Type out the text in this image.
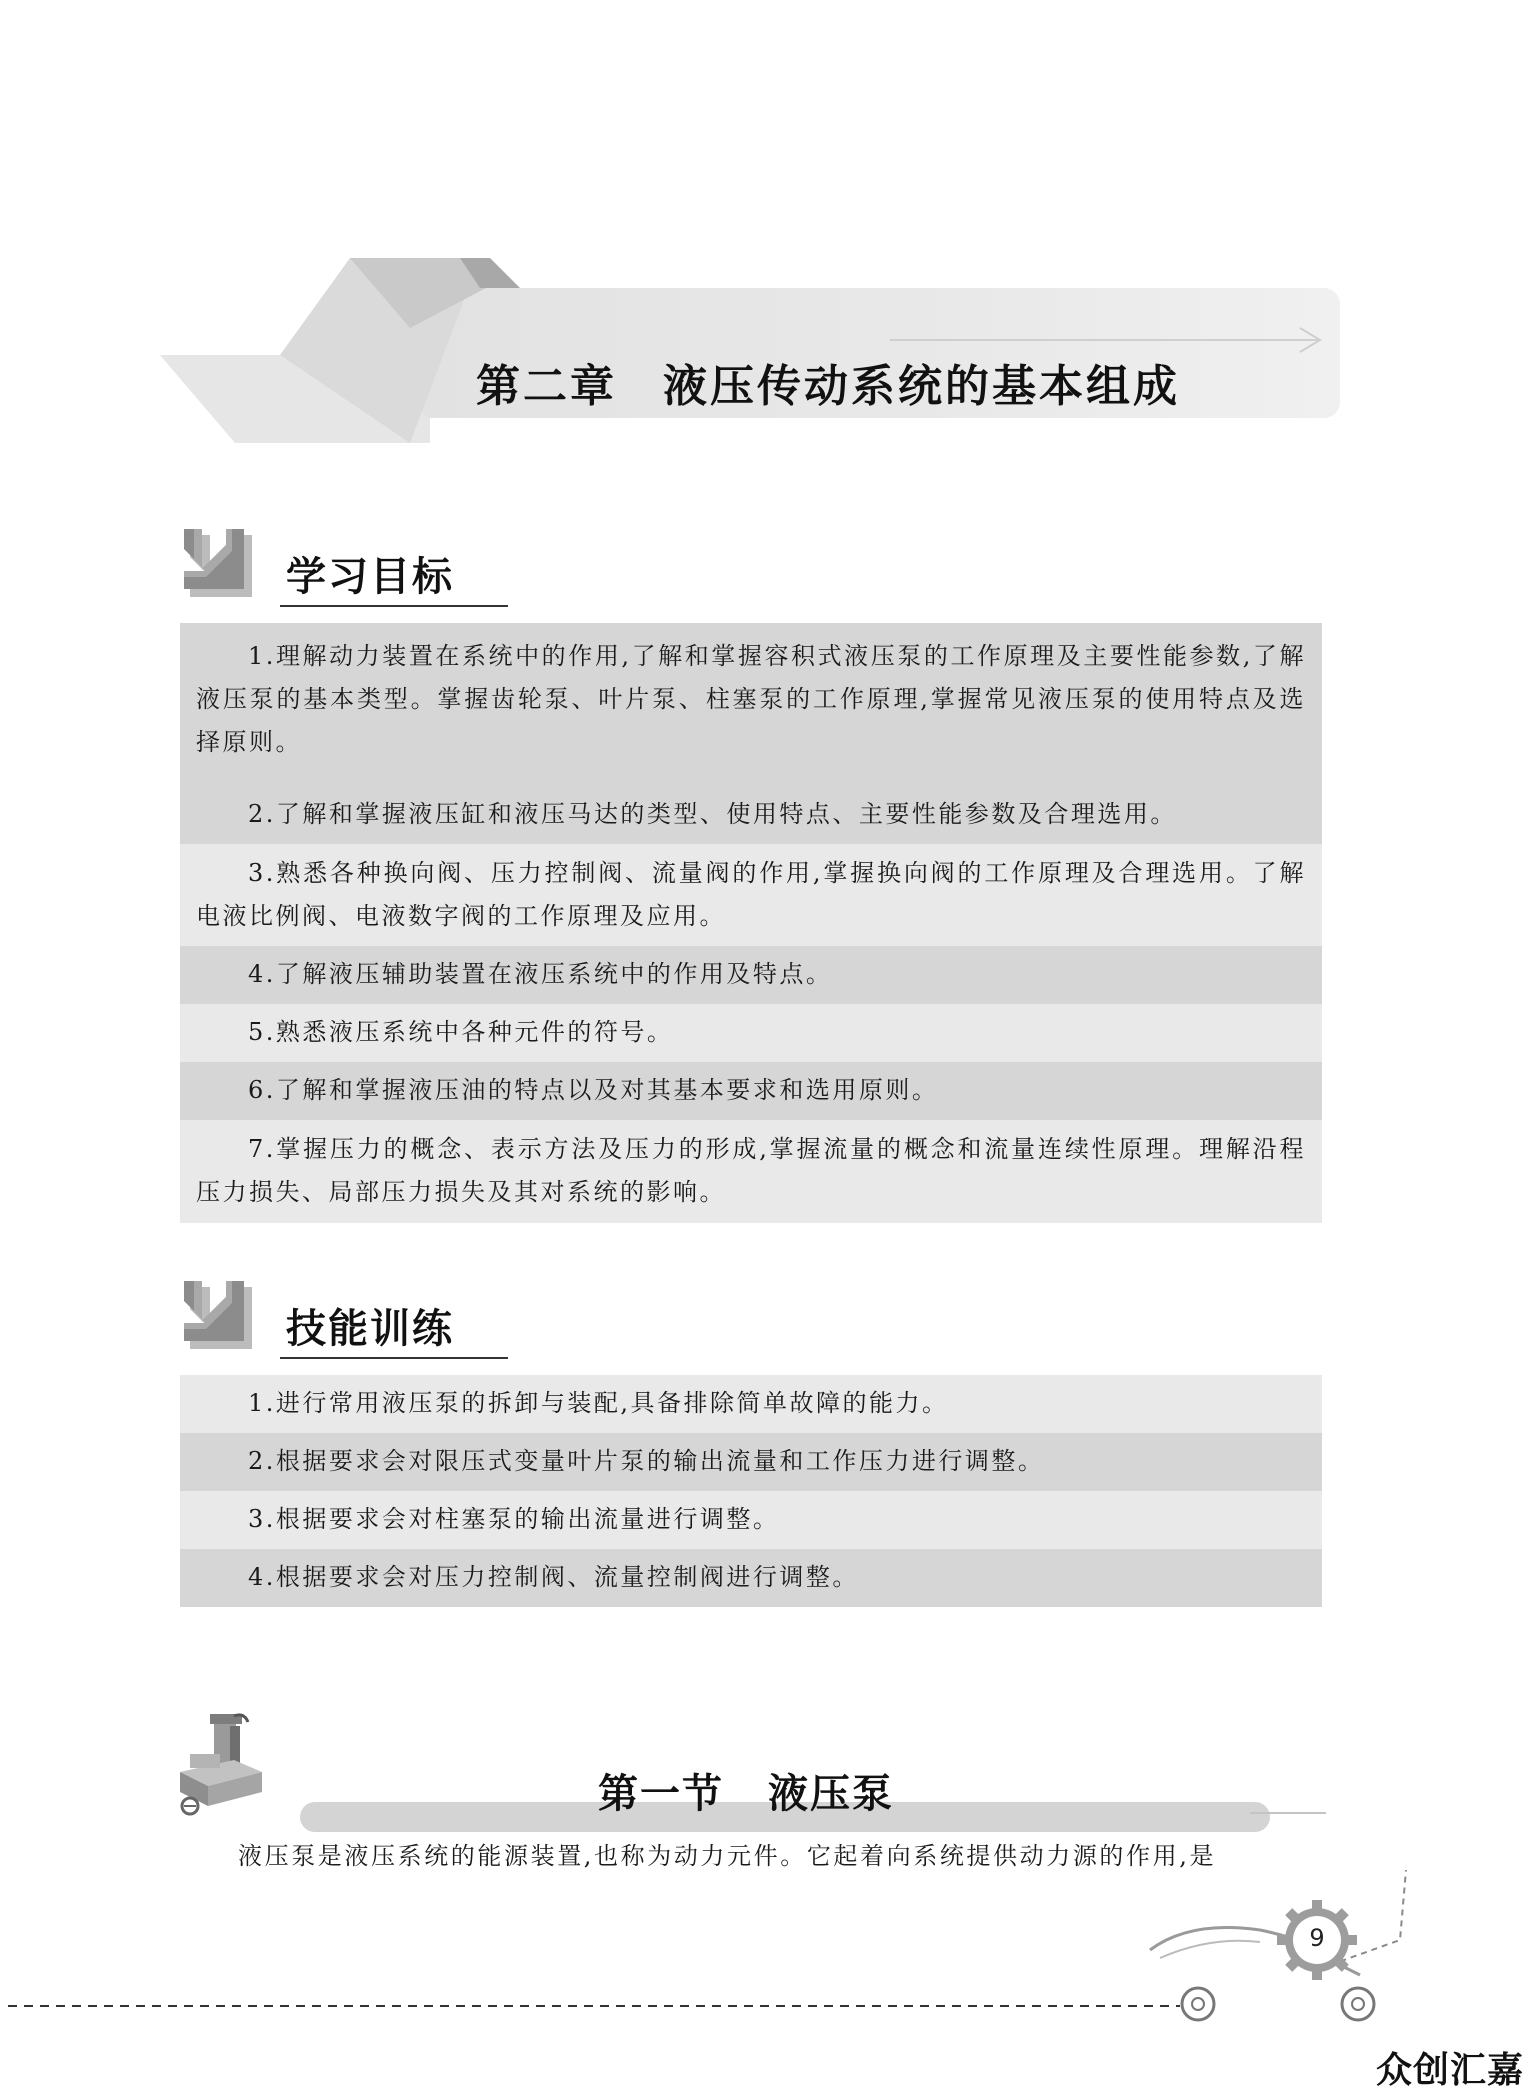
第二章 液压传动系统的基本组成
学习目标
1.理解动力装置在系统中的作用,了解和掌握容积式液压泵的工作原理及主要性能参数,了解液压泵的基本类型。掌握齿轮泵、叶片泵、柱塞泵的工作原理,掌握常见液压泵的使用特点及选择原则。
2.了解和掌握液压缸和液压马达的类型、使用特点、主要性能参数及合理选用。
3.熟悉各种换向阀、压力控制阀、流量阀的作用,掌握换向阀的工作原理及合理选用。了解电液比例阀、电液数字阀的工作原理及应用。
4.了解液压辅助装置在液压系统中的作用及特点。
5.熟悉液压系统中各种元件的符号。
6.了解和掌握液压油的特点以及对其基本要求和选用原则。
7.掌握压力的概念、表示方法及压力的形成,掌握流量的概念和流量连续性原理。理解沿程压力损失、局部压力损失及其对系统的影响。
技能训练
1.进行常用液压泵的拆卸与装配,具备排除简单故障的能力。
2.根据要求会对限压式变量叶片泵的输出流量和工作压力进行调整。
3.根据要求会对柱塞泵的输出流量进行调整。
4.根据要求会对压力控制阀、流量控制阀进行调整。
第一节 液压泵
液压泵是液压系统的能源装置,也称为动力元件。它起着向系统提供动力源的作用,是
9
众创汇嘉
